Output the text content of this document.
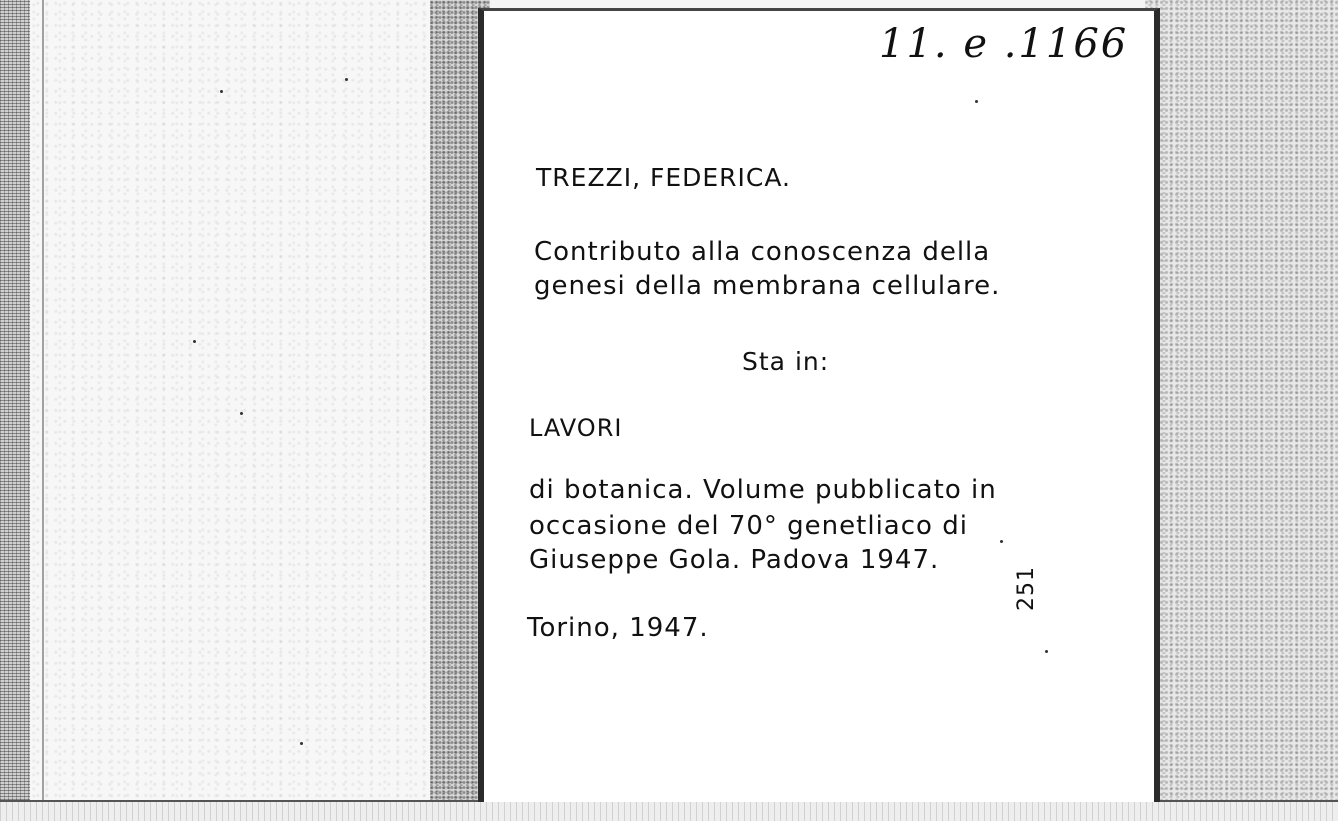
11. e .1166
TREZZI, FEDERICA.
Contributo alla conoscenza della
genesi della membrana cellulare.
Sta in:
LAVORI
di botanica. Volume pubblicato in
occasione del 70° genetliaco di
Giuseppe Gola. Padova 1947.
Torino, 1947.
251
